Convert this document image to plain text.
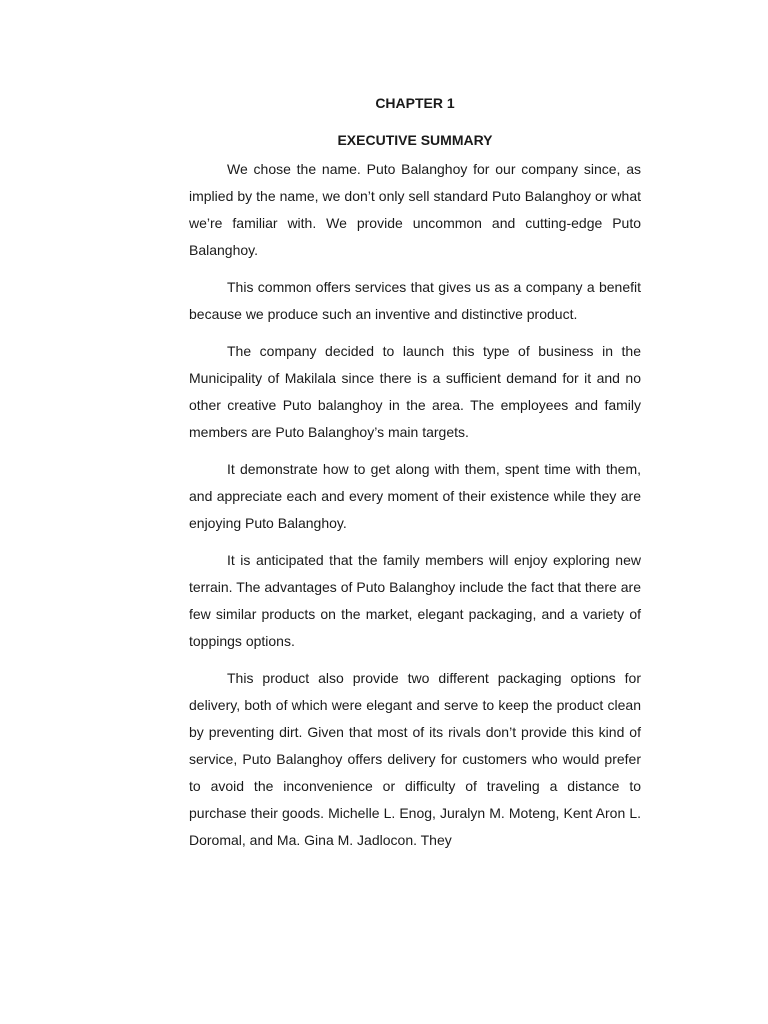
CHAPTER 1
EXECUTIVE SUMMARY

We chose the name. Puto Balanghoy for our company since, as implied by the name, we don’t only sell standard Puto Balanghoy or what we’re familiar with. We provide uncommon and cutting-edge Puto Balanghoy.

This common offers services that gives us as a company a benefit because we produce such an inventive and distinctive product.

The company decided to launch this type of business in the Municipality of Makilala since there is a sufficient demand for it and no other creative Puto balanghoy in the area. The employees and family members are Puto Balanghoy’s main targets.

It demonstrate how to get along with them, spent time with them, and appreciate each and every moment of their existence while they are enjoying Puto Balanghoy.

It is anticipated that the family members will enjoy exploring new terrain. The advantages of Puto Balanghoy include the fact that there are few similar products on the market, elegant packaging, and a variety of toppings options.

This product also provide two different packaging options for delivery, both of which were elegant and serve to keep the product clean by preventing dirt. Given that most of its rivals don’t provide this kind of service, Puto Balanghoy offers delivery for customers who would prefer to avoid the inconvenience or difficulty of traveling a distance to purchase their goods. Michelle L. Enog, Juralyn M. Moteng, Kent Aron L. Doromal, and Ma. Gina M. Jadlocon. They
